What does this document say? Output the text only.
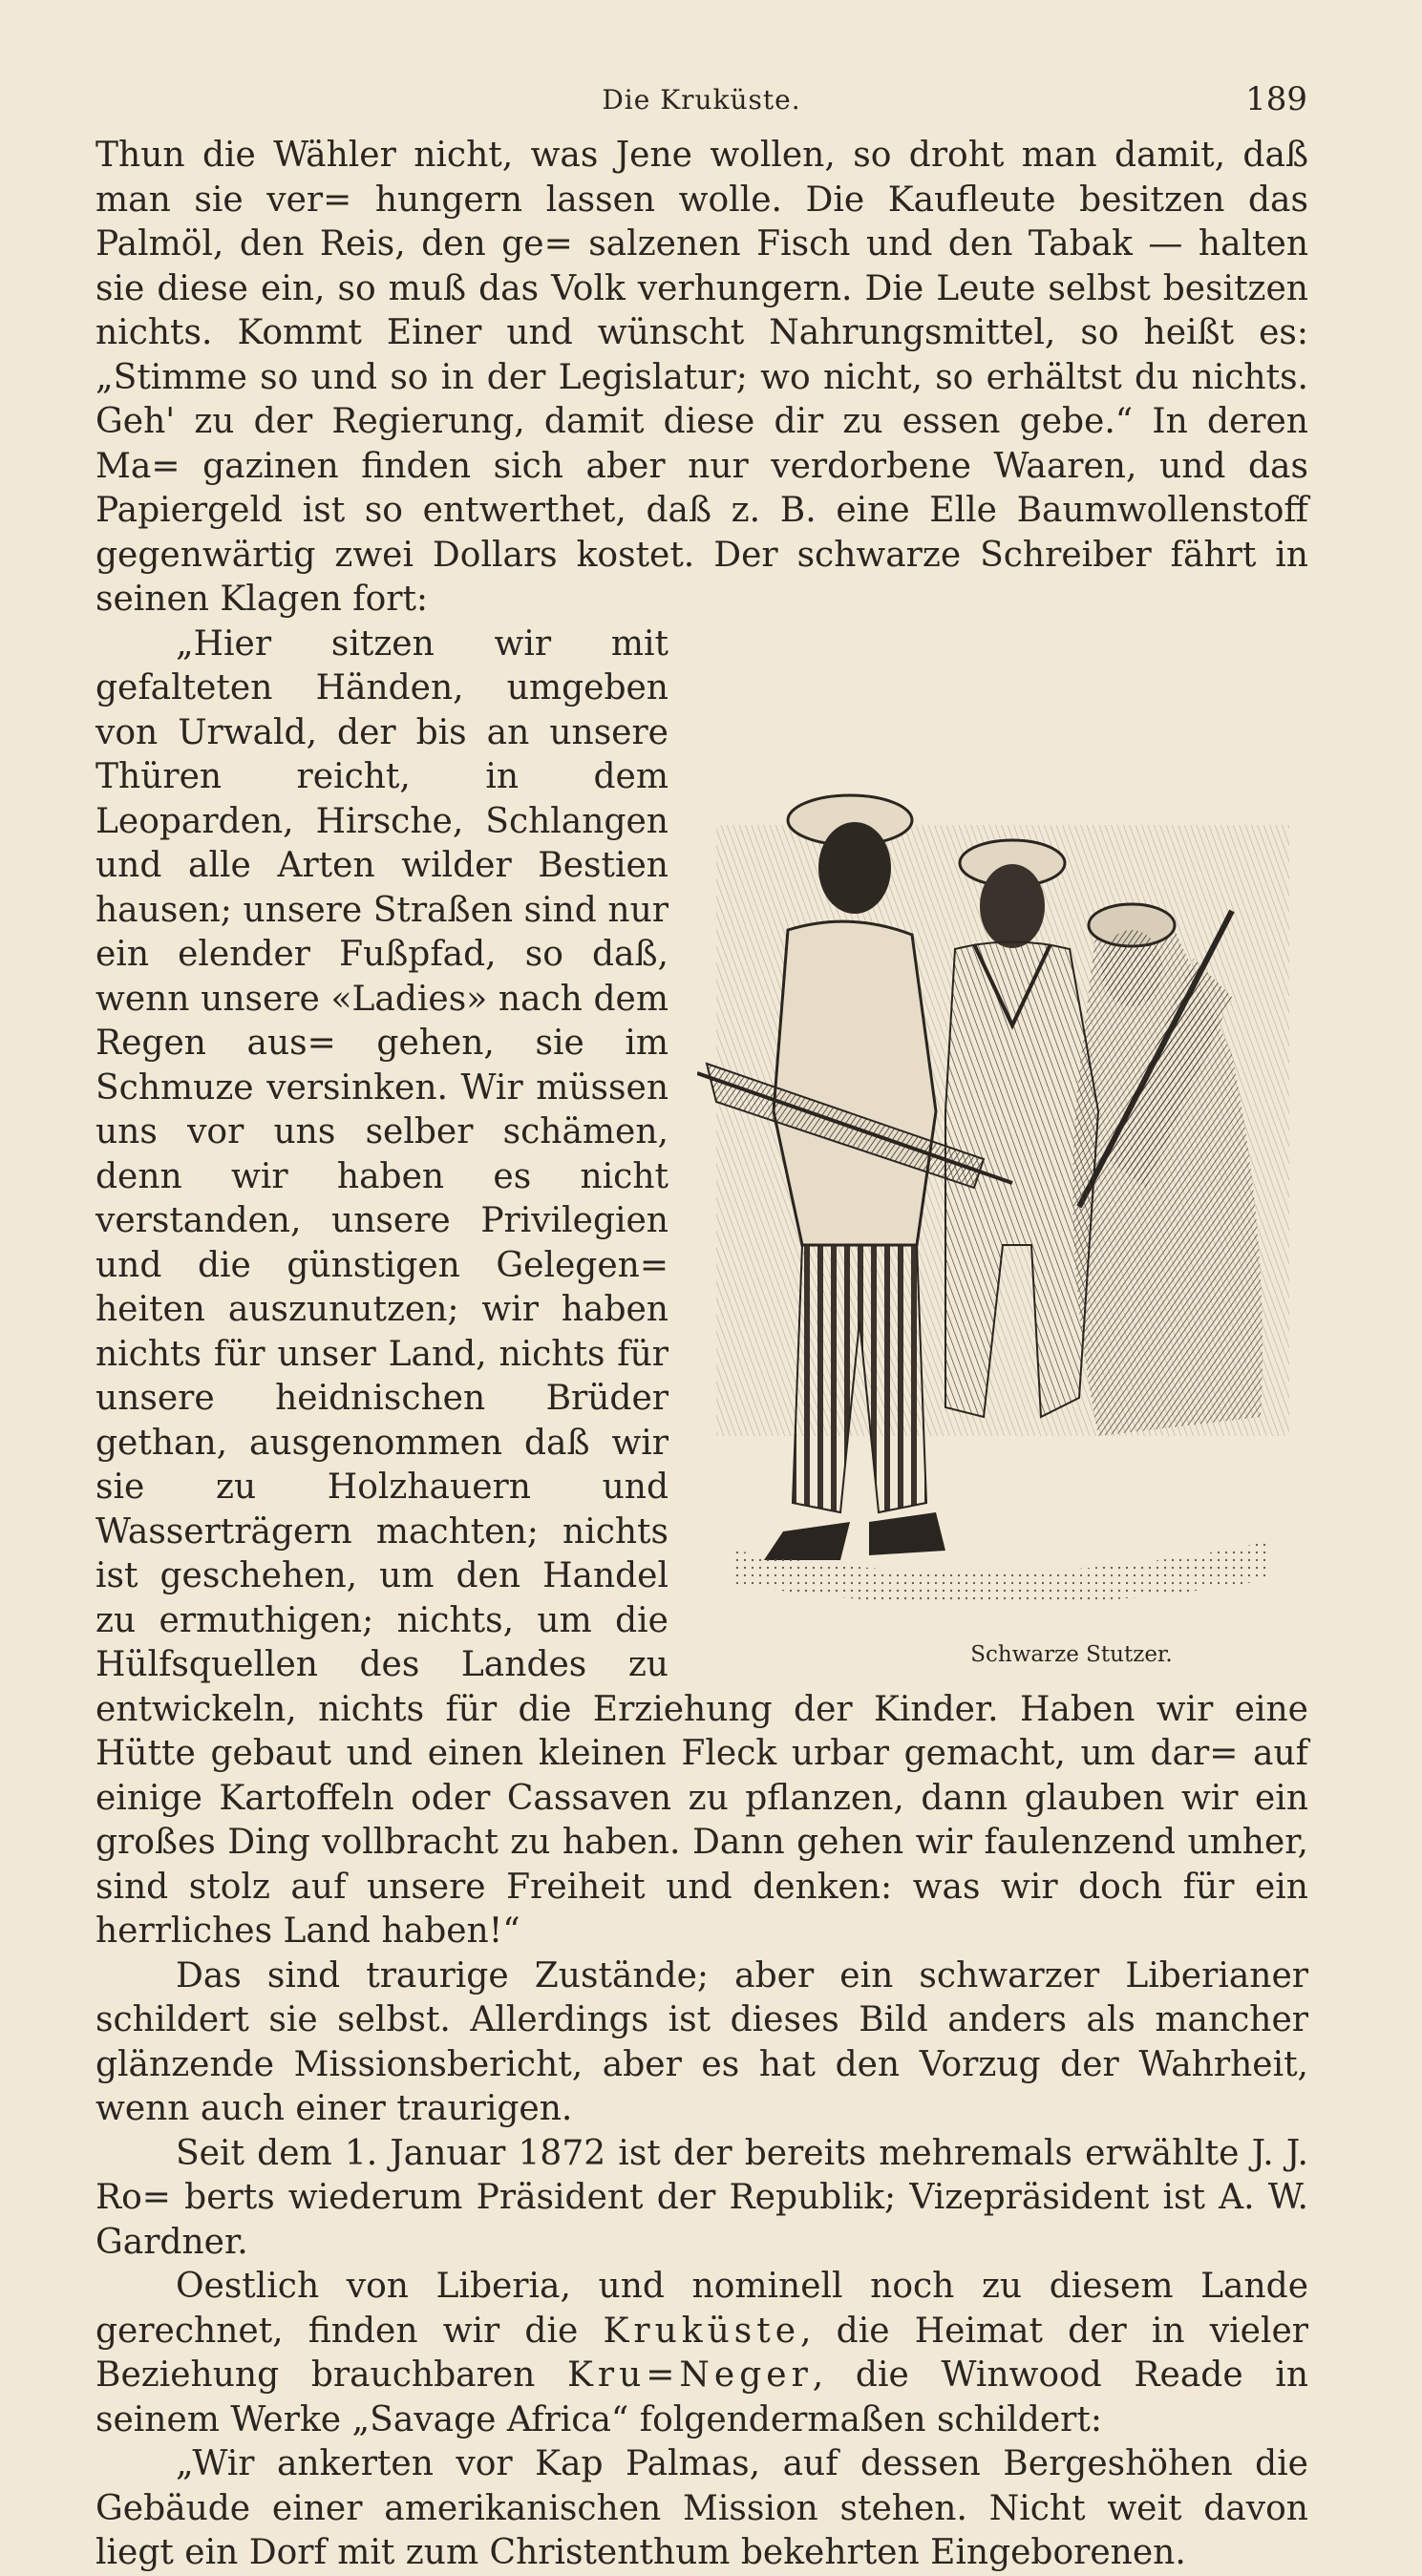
Die Kruküste.	189

Thun die Wähler nicht, was Jene wollen, so droht man damit, daß man sie ver= hungern lassen wolle. Die Kaufleute besitzen das Palmöl, den Reis, den ge= salzenen Fisch und den Tabak — halten sie diese ein, so muß das Volk verhungern. Die Leute selbst besitzen nichts. Kommt Einer und wünscht Nahrungsmittel, so heißt es: „Stimme so und so in der Legislatur; wo nicht, so erhältst du nichts. Geh' zu der Regierung, damit diese dir zu essen gebe.“ In deren Ma= gazinen finden sich aber nur verdorbene Waaren, und das Papiergeld ist so entwerthet, daß z. B. eine Elle Baumwollenstoff gegenwärtig zwei Dollars kostet. Der schwarze Schreiber fährt in seinen Klagen fort:

Schwarze Stutzer.
„Hier sitzen wir mit gefalteten Händen, umgeben von Urwald, der bis an unsere Thüren reicht, in dem Leoparden, Hirsche, Schlangen und alle Arten wilder Bestien hausen; unsere Straßen sind nur ein elender Fußpfad, so daß, wenn unsere «Ladies» nach dem Regen aus= gehen, sie im Schmuze versinken. Wir müssen uns vor uns selber schämen, denn wir haben es nicht verstanden, unsere Privilegien und die günstigen Gelegen= heiten auszunutzen; wir haben nichts für unser Land, nichts für unsere heidnischen Brüder gethan, ausgenommen daß wir sie zu Holzhauern und Wasserträgern machten; nichts ist geschehen, um den Handel zu ermuthigen; nichts, um die Hülfsquellen des Landes zu entwickeln, nichts für die Erziehung der Kinder. Haben wir eine Hütte gebaut und einen kleinen Fleck urbar gemacht, um dar= auf einige Kartoffeln oder Cassaven zu pflanzen, dann glauben wir ein großes Ding vollbracht zu haben. Dann gehen wir faulenzend umher, sind stolz auf unsere Freiheit und denken: was wir doch für ein herrliches Land haben!“

Das sind traurige Zustände; aber ein schwarzer Liberianer schildert sie selbst. Allerdings ist dieses Bild anders als mancher glänzende Missionsbericht, aber es hat den Vorzug der Wahrheit, wenn auch einer traurigen.

Seit dem 1. Januar 1872 ist der bereits mehremals erwählte J. J. Ro= berts wiederum Präsident der Republik; Vizepräsident ist A. W. Gardner.

Oestlich von Liberia, und nominell noch zu diesem Lande gerechnet, finden wir die Kruküste, die Heimat der in vieler Beziehung brauchbaren Kru=Neger, die Winwood Reade in seinem Werke „Savage Africa“ folgendermaßen schildert:

„Wir ankerten vor Kap Palmas, auf dessen Bergeshöhen die Gebäude einer amerikanischen Mission stehen. Nicht weit davon liegt ein Dorf mit zum Christenthum bekehrten Eingeborenen.
